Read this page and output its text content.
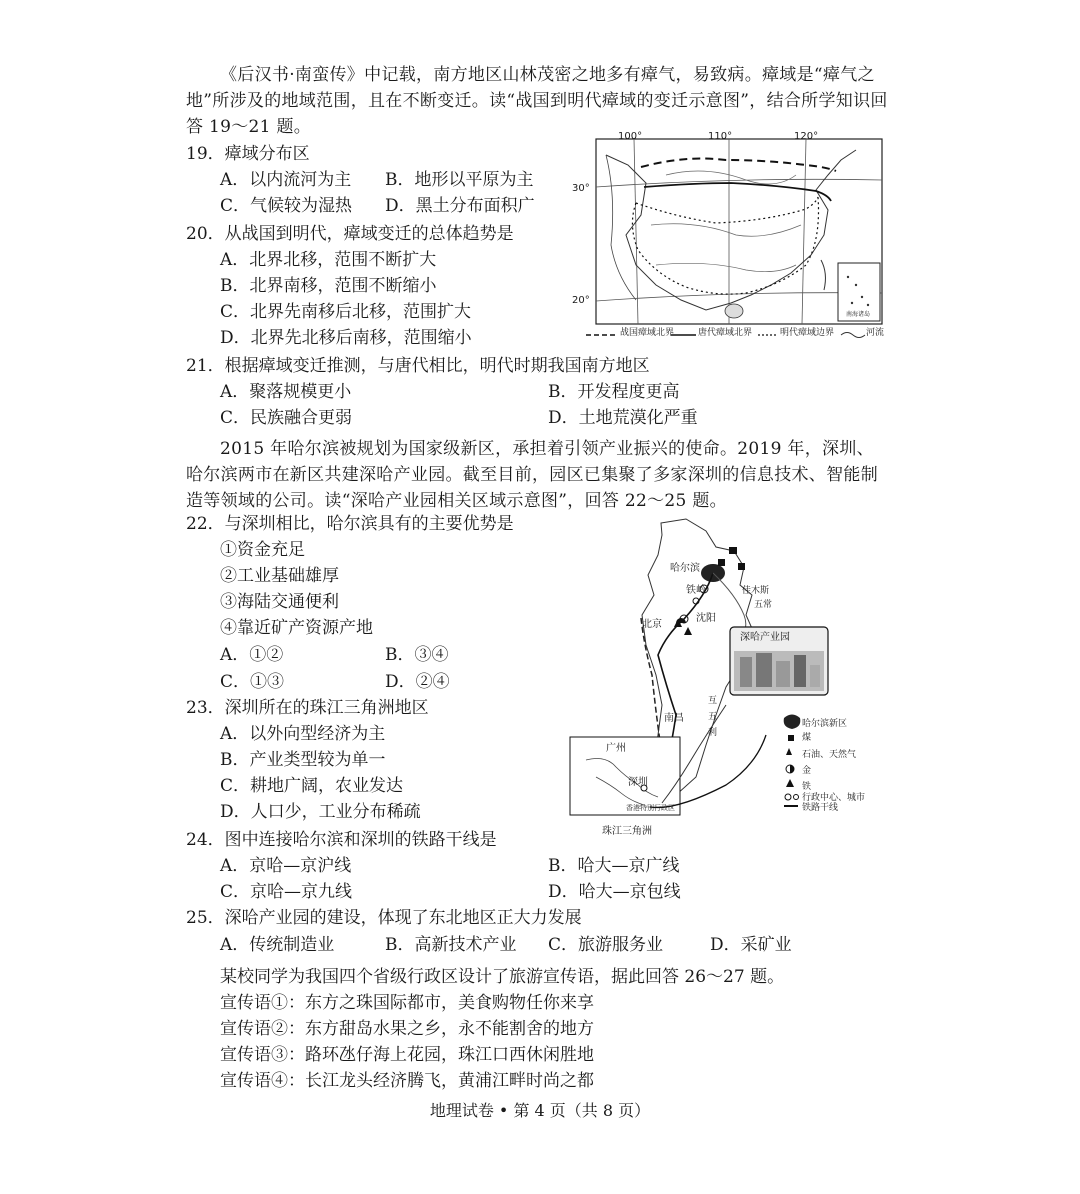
《后汉书·南蛮传》中记载，南方地区山林茂密之地多有瘴气，易致病。瘴域是“瘴气之地”所涉及的地域范围，且在不断变迁。读“战国到明代瘴域的变迁示意图”，结合所学知识回答 19～21 题。

19．瘴域分布区
A．以内流河为主 B．地形以平原为主
C．气候较为湿热 D．黑土分布面积广
20．从战国到明代，瘴域变迁的总体趋势是
A．北界北移，范围不断扩大
B．北界南移，范围不断缩小
C．北界先南移后北移，范围扩大
D．北界先北移后南移，范围缩小
100°	110°	120°
30°
20°
南海诸岛
战国瘴域北界	唐代瘴域北界	明代瘴域边界	河流
21．根据瘴域变迁推测，与唐代相比，明代时期我国南方地区
A．聚落规模更小	B．开发程度更高
C．民族融合更弱	D．土地荒漠化严重

2015 年哈尔滨被规划为国家级新区，承担着引领产业振兴的使命。2019 年，深圳、哈尔滨两市在新区共建深哈产业园。截至目前，园区已集聚了多家深圳的信息技术、智能制造等领域的公司。读“深哈产业园相关区域示意图”，回答 22～25 题。

22．与深圳相比，哈尔滨具有的主要优势是
①资金充足
②工业基础雄厚
③海陆交通便利
④靠近矿产资源产地
A．①②	B．③④
C．①③	D．②④
哈尔滨
铁岭
北京
沈阳
深哈产业园
南昌
广州
深圳
香港特别行政区
珠江三角洲
佳木斯
五常
五
利
互
哈尔滨新区
煤
石油、天然气
金
铁
行政中心、城市
铁路干线
23．深圳所在的珠江三角洲地区
A．以外向型经济为主
B．产业类型较为单一
C．耕地广阔，农业发达
D．人口少，工业分布稀疏
24．图中连接哈尔滨和深圳的铁路干线是
A．京哈—京沪线	B．哈大—京广线
C．京哈—京九线	D．哈大—京包线
25．深哈产业园的建设，体现了东北地区正大力发展
A．传统制造业	B．高新技术产业 C．旅游服务业	D．采矿业
某校同学为我国四个省级行政区设计了旅游宣传语，据此回答 26～27 题。
宣传语①：东方之珠国际都市，美食购物任你来享
宣传语②：东方甜岛水果之乡，永不能割舍的地方
宣传语③：路环氹仔海上花园，珠江口西休闲胜地
宣传语④：长江龙头经济腾飞，黄浦江畔时尚之都
地理试卷 • 第 4 页（共 8 页）
